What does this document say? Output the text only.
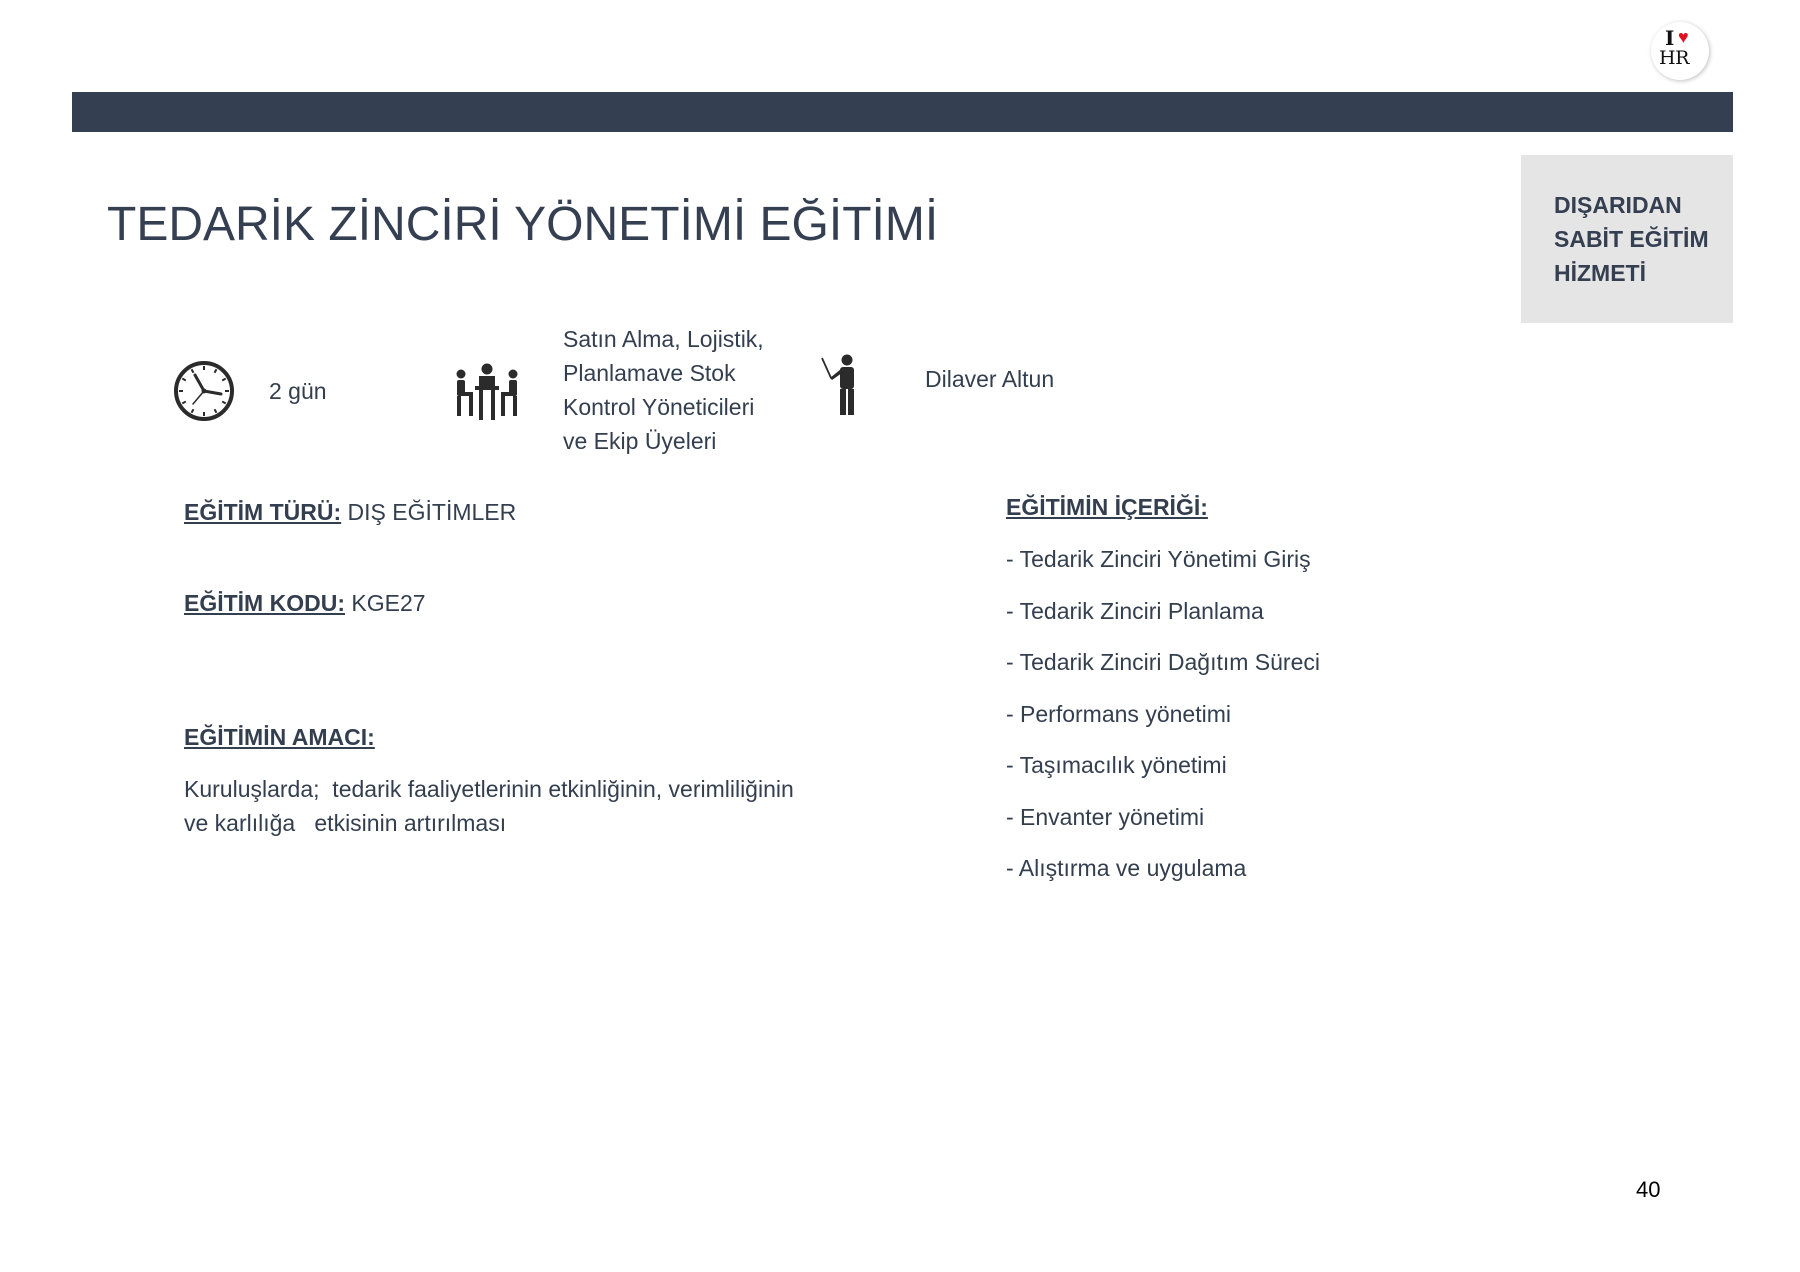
I ♥
HR
DIŞARIDAN
SABİT EĞİTİM
HİZMETİ
TEDARİK ZİNCİRİ YÖNETİMİ EĞİTİMİ
2 gün
Satın Alma, Lojistik,
Planlamave Stok
Kontrol Yöneticileri
ve Ekip Üyeleri
Dilaver Altun
EĞİTİM TÜRÜ: DIŞ EĞİTİMLER
EĞİTİM KODU: KGE27
EĞİTİMİN AMACI:
Kuruluşlarda;  tedarik faaliyetlerinin etkinliğinin, verimliliğinin
ve karlılığa   etkisinin artırılması
EĞİTİMİN İÇERİĞİ:
- Tedarik Zinciri Yönetimi Giriş
- Tedarik Zinciri Planlama
- Tedarik Zinciri Dağıtım Süreci
- Performans yönetimi
- Taşımacılık yönetimi
- Envanter yönetimi
- Alıştırma ve uygulama
40
